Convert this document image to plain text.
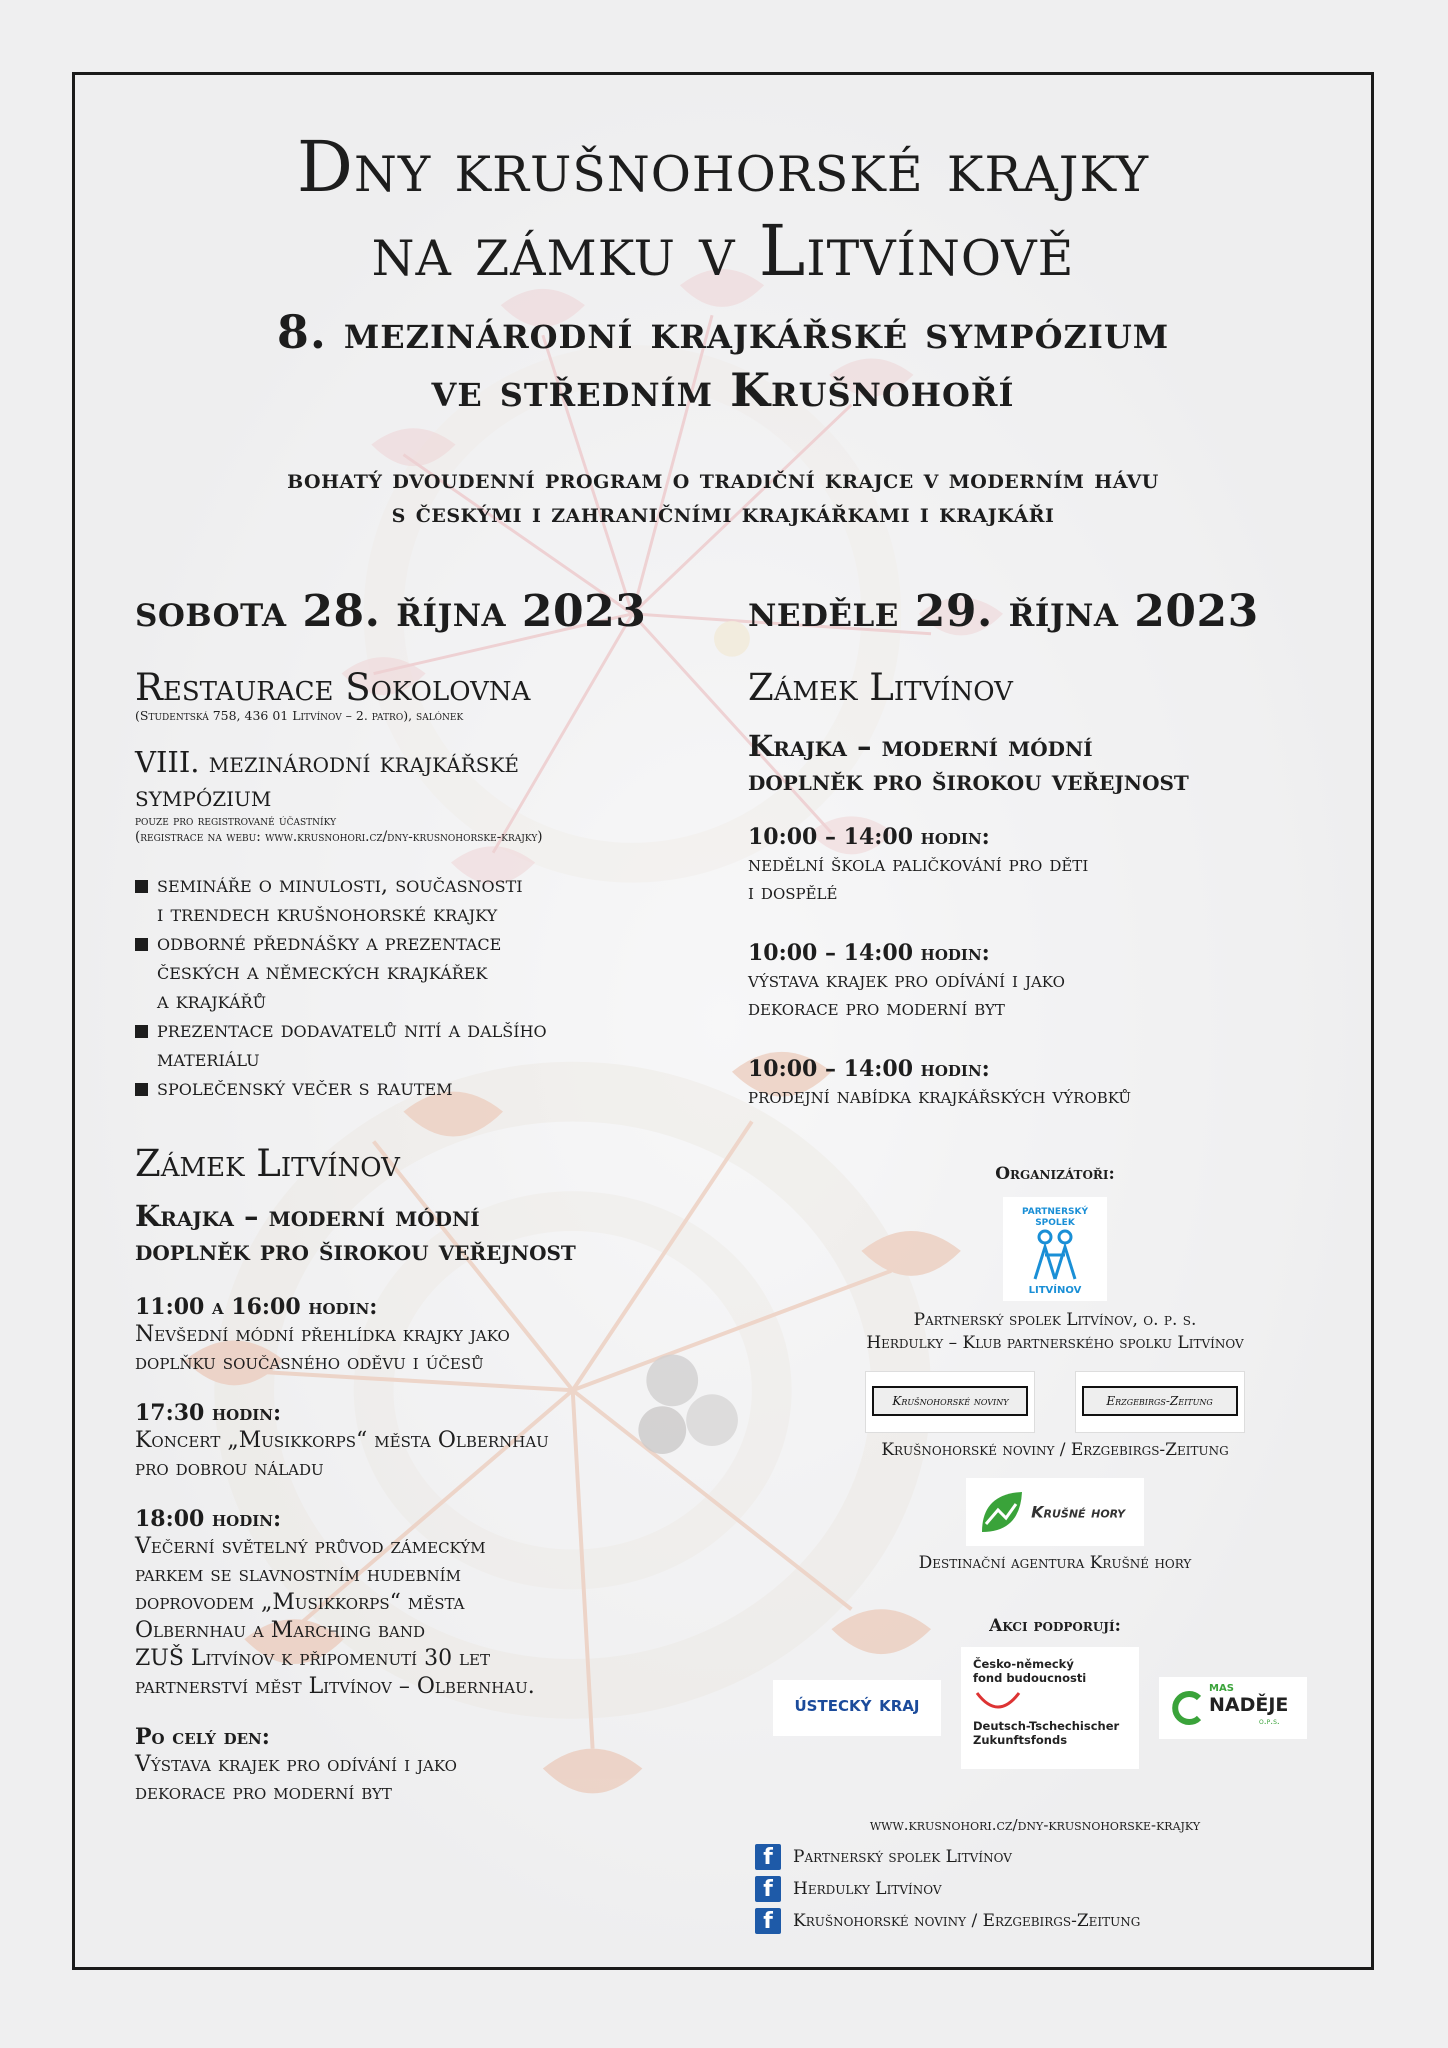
Dny krušnohorské krajky
na zámku v Litvínově
8. mezinárodní krajkářské sympózium
ve středním Krušnohoří

bohatý dvoudenní program o tradiční krajce v moderním hávu
s českými i zahraničními krajkářkami i krajkáři

sobota 28. října 2023

Restaurace Sokolovna

(Studentská 758, 436 01 Litvínov – 2. patro), salónek

VIII. mezinárodní krajkářské

sympózium

pouze pro registrované účastníky

(registrace na webu: www.krusnohori.cz/dny-krusnohorske-krajky)

semináře o minulosti, současnosti
i trendech krušnohorské krajky
odborné přednášky a prezentace
českých a německých krajkářek
a krajkářů
prezentace dodavatelů nití a dalšího
materiálu
společenský večer s rautem

Zámek Litvínov

Krajka – moderní módní

doplněk pro širokou veřejnost

11:00 a 16:00 hodin:

Nevšední módní přehlídka krajky jako
doplňku současného oděvu i účesů

17:30 hodin:

Koncert „Musikkorps“ města Olbernhau
pro dobrou náladu

18:00 hodin:

Večerní světelný průvod zámeckým
parkem se slavnostním hudebním
doprovodem „Musikkorps“ města
Olbernhau a Marching band
ZUŠ Litvínov k připomenutí 30 let
partnerství měst Litvínov – Olbernhau.

Po celý den:

Výstava krajek pro odívání i jako
dekorace pro moderní byt

neděle 29. října 2023

Zámek Litvínov

Krajka – moderní módní

doplněk pro širokou veřejnost

10:00 – 14:00 hodin:

nedělní škola paličkování pro děti
i dospělé

10:00 – 14:00 hodin:

výstava krajek pro odívání i jako
dekorace pro moderní byt

10:00 – 14:00 hodin:

prodejní nabídka krajkářských výrobků

Organizátoři:

PARTNERSKÝ SPOLEK
LITVÍNOV

Partnerský spolek Litvínov, o. p. s.

Herdulky – Klub partnerského spolku Litvínov

Krušnohorské noviny
	Erzgebirgs-Zeitung

Krušnohorské noviny / Erzgebirgs-Zeitung

Krušné hory

Destinační agentura Krušné hory

Akci podporují:

ústecký kraj
Česko-německý
fond budoucnosti
Deutsch-Tschechischer
Zukunftsfonds
MAS
NADĚJE
o.p.s.

www.krusnohori.cz/dny-krusnohorske-krajky

f	Partnerský spolek Litvínov
f	Herdulky Litvínov
f	Krušnohorské noviny / Erzgebirgs-Zeitung
